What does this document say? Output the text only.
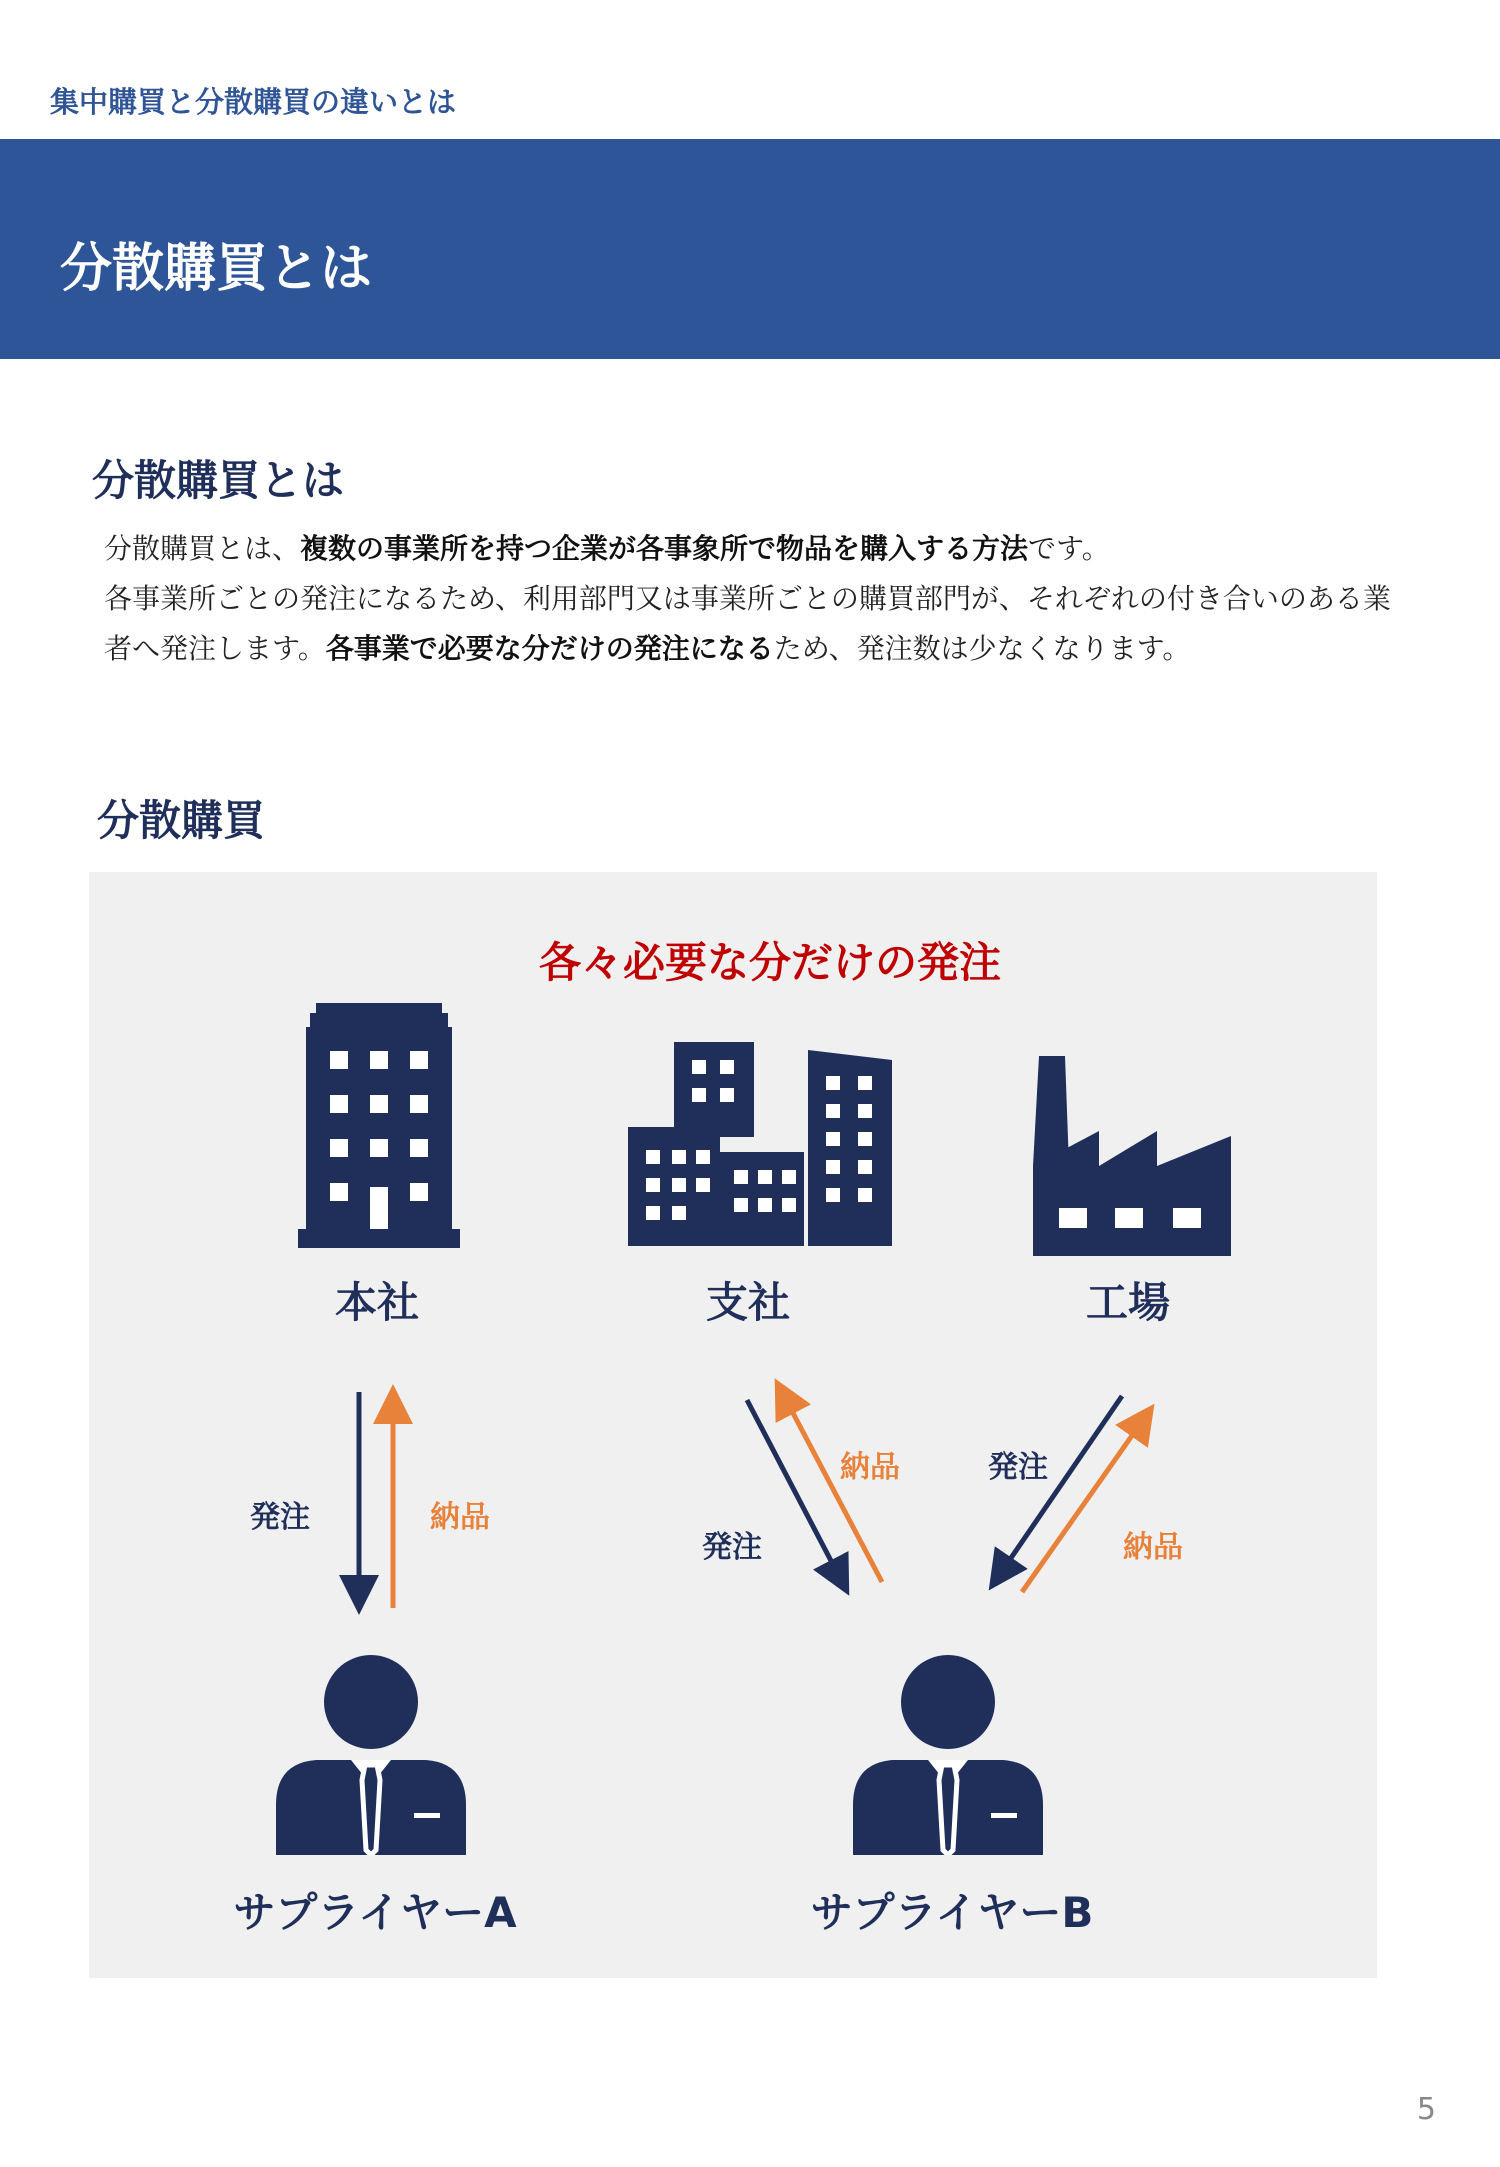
集中購買と分散購買の違いとは
分散購買とは
分散購買とは
分散購買とは、複数の事業所を持つ企業が各事象所で物品を購入する方法です。
各事業所ごとの発注になるため、利用部門又は事業所ごとの購買部門が、それぞれの付き合いのある業
者へ発注します。各事業で必要な分だけの発注になるため、発注数は少なくなります。
分散購買
各々必要な分だけの発注
本社	支社	工場
発注	納品
納品
発注
発注
納品
サプライヤーA	サプライヤーB
5
